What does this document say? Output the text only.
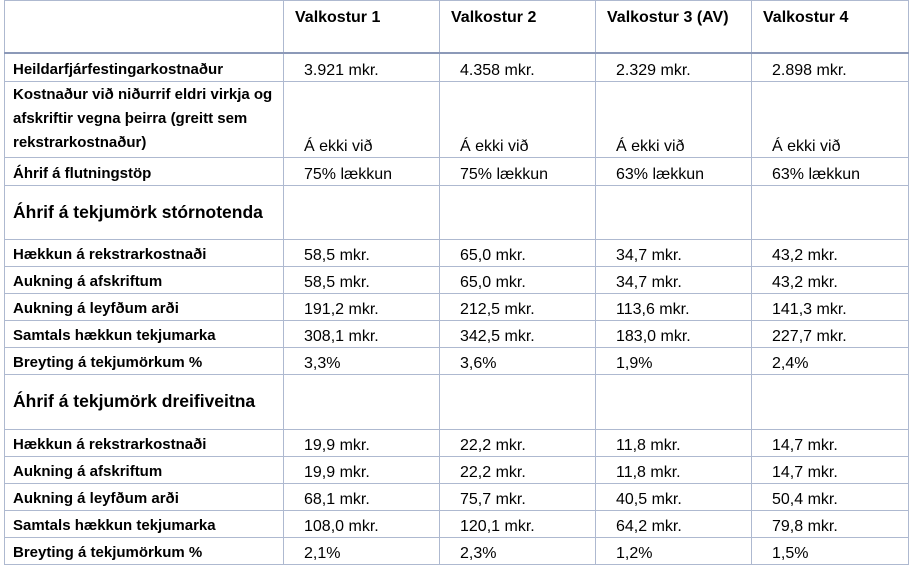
	Valkostur 1	Valkostur 2	Valkostur 3 (AV)	Valkostur 4
Heildarfjárfestingarkostnaður	3.921 mkr.	4.358 mkr.	2.329 mkr.	2.898 mkr.
Kostnaður við niðurrif eldri virkja og afskriftir vegna þeirra (greitt sem rekstrarkostnaður)	Á ekki við	Á ekki við	Á ekki við	Á ekki við
Áhrif á flutningstöp	75% lækkun	75% lækkun	63% lækkun	63% lækkun
Áhrif á tekjumörk stórnotenda				
Hækkun á rekstrarkostnaði	58,5 mkr.	65,0 mkr.	34,7 mkr.	43,2 mkr.
Aukning á afskriftum	58,5 mkr.	65,0 mkr.	34,7 mkr.	43,2 mkr.
Aukning á leyfðum arði	191,2 mkr.	212,5 mkr.	113,6 mkr.	141,3 mkr.
Samtals hækkun tekjumarka	308,1 mkr.	342,5 mkr.	183,0 mkr.	227,7 mkr.
Breyting á tekjumörkum %	3,3%	3,6%	1,9%	2,4%
Áhrif á tekjumörk dreifiveitna				
Hækkun á rekstrarkostnaði	19,9 mkr.	22,2 mkr.	11,8 mkr.	14,7 mkr.
Aukning á afskriftum	19,9 mkr.	22,2 mkr.	11,8 mkr.	14,7 mkr.
Aukning á leyfðum arði	68,1 mkr.	75,7 mkr.	40,5 mkr.	50,4 mkr.
Samtals hækkun tekjumarka	108,0 mkr.	120,1 mkr.	64,2 mkr.	79,8 mkr.
Breyting á tekjumörkum %	2,1%	2,3%	1,2%	1,5%
